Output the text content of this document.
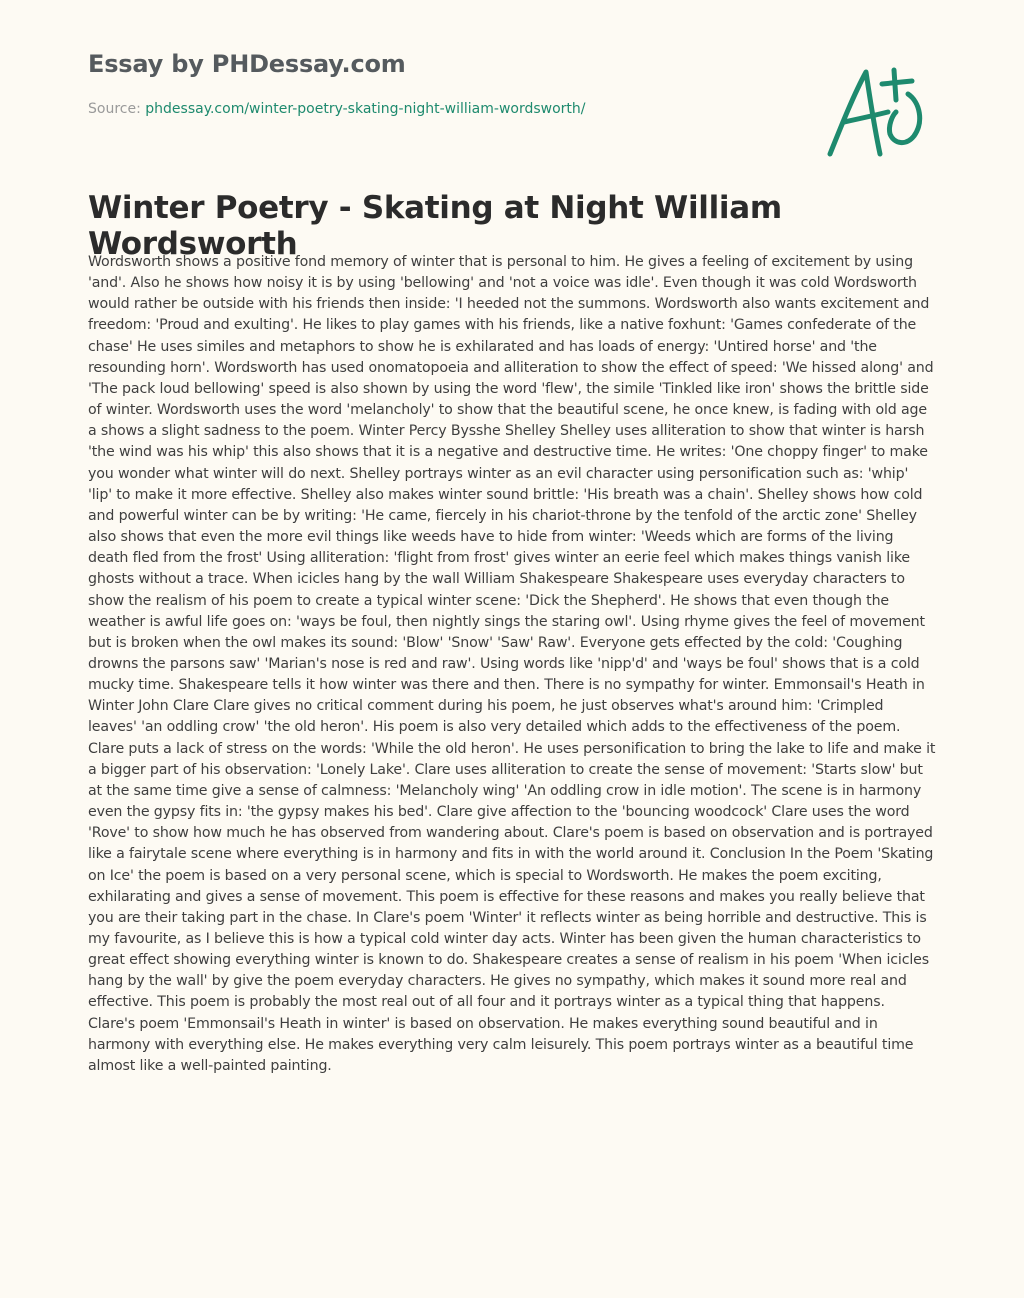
Essay by PHDessay.com
Source: phdessay.com/winter-poetry-skating-night-william-wordsworth/
Winter Poetry - Skating at Night William Wordsworth

Wordsworth shows a positive fond memory of winter that is personal to him. He gives a feeling of excitement by using 'and'. Also he shows how noisy it is by using 'bellowing' and 'not a voice was idle'. Even though it was cold Wordsworth would rather be outside with his friends then inside: 'I heeded not the summons. Wordsworth also wants excitement and freedom: 'Proud and exulting'. He likes to play games with his friends, like a native foxhunt: 'Games confederate of the chase' He uses similes and metaphors to show he is exhilarated and has loads of energy: 'Untired horse' and 'the resounding horn'. Wordsworth has used onomatopoeia and alliteration to show the effect of speed: 'We hissed along' and 'The pack loud bellowing' speed is also shown by using the word 'flew', the simile 'Tinkled like iron' shows the brittle side of winter. Wordsworth uses the word 'melancholy' to show that the beautiful scene, he once knew, is fading with old age a shows a slight sadness to the poem. Winter Percy Bysshe Shelley Shelley uses alliteration to show that winter is harsh 'the wind was his whip' this also shows that it is a negative and destructive time. He writes: 'One choppy finger' to make you wonder what winter will do next. Shelley portrays winter as an evil character using personification such as: 'whip' 'lip' to make it more effective. Shelley also makes winter sound brittle: 'His breath was a chain'. Shelley shows how cold and powerful winter can be by writing: 'He came, fiercely in his chariot-throne by the tenfold of the arctic zone' Shelley also shows that even the more evil things like weeds have to hide from winter: 'Weeds which are forms of the living death fled from the frost' Using alliteration: 'flight from frost' gives winter an eerie feel which makes things vanish like ghosts without a trace. When icicles hang by the wall William Shakespeare Shakespeare uses everyday characters to show the realism of his poem to create a typical winter scene: 'Dick the Shepherd'. He shows that even though the weather is awful life goes on: 'ways be foul, then nightly sings the staring owl'. Using rhyme gives the feel of movement but is broken when the owl makes its sound: 'Blow' 'Snow' 'Saw' Raw'. Everyone gets effected by the cold: 'Coughing drowns the parsons saw' 'Marian's nose is red and raw'. Using words like 'nipp'd' and 'ways be foul' shows that is a cold mucky time. Shakespeare tells it how winter was there and then. There is no sympathy for winter. Emmonsail's Heath in Winter John Clare Clare gives no critical comment during his poem, he just observes what's around him: 'Crimpled leaves' 'an oddling crow' 'the old heron'. His poem is also very detailed which adds to the effectiveness of the poem. Clare puts a lack of stress on the words: 'While the old heron'. He uses personification to bring the lake to life and make it a bigger part of his observation: 'Lonely Lake'. Clare uses alliteration to create the sense of movement: 'Starts slow' but at the same time give a sense of calmness: 'Melancholy wing' 'An oddling crow in idle motion'. The scene is in harmony even the gypsy fits in: 'the gypsy makes his bed'. Clare give affection to the 'bouncing woodcock' Clare uses the word 'Rove' to show how much he has observed from wandering about. Clare's poem is based on observation and is portrayed like a fairytale scene where everything is in harmony and fits in with the world around it. Conclusion In the Poem 'Skating on Ice' the poem is based on a very personal scene, which is special to Wordsworth. He makes the poem exciting, exhilarating and gives a sense of movement. This poem is effective for these reasons and makes you really believe that you are their taking part in the chase. In Clare's poem 'Winter' it reflects winter as being horrible and destructive. This is my favourite, as I believe this is how a typical cold winter day acts. Winter has been given the human characteristics to great effect showing everything winter is known to do. Shakespeare creates a sense of realism in his poem 'When icicles hang by the wall' by give the poem everyday characters. He gives no sympathy, which makes it sound more real and effective. This poem is probably the most real out of all four and it portrays winter as a typical thing that happens. Clare's poem 'Emmonsail's Heath in winter' is based on observation. He makes everything sound beautiful and in harmony with everything else. He makes everything very calm leisurely. This poem portrays winter as a beautiful time almost like a well-painted painting.
